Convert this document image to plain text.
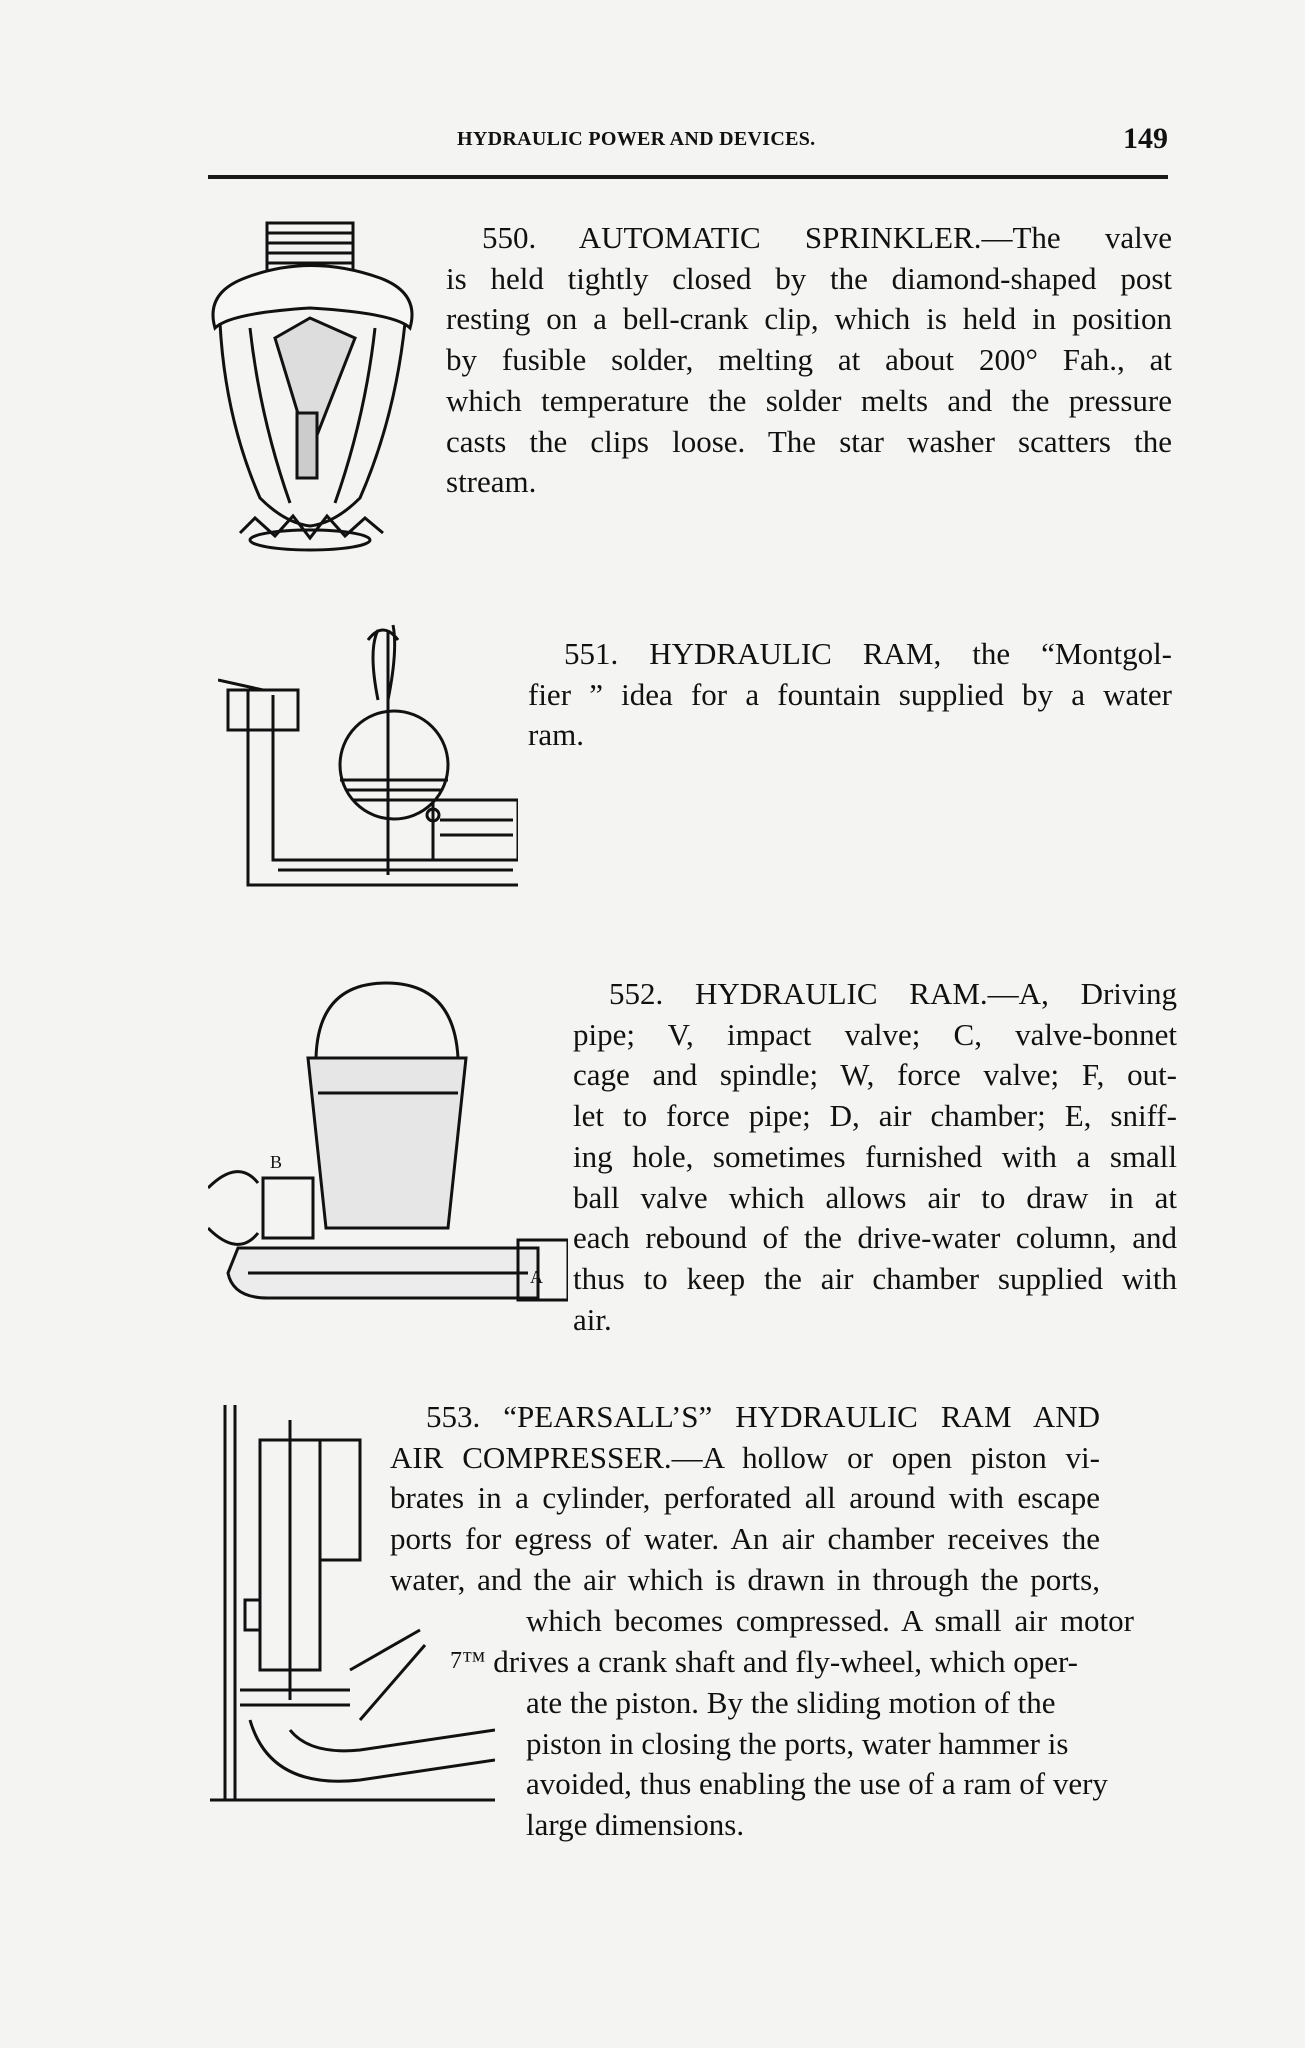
HYDRAULIC POWER AND DEVICES.	149
550. AUTOMATIC SPRINKLER.—The valve
is held tightly closed by the diamond-shaped post
resting on a bell-crank clip, which is held in position
by fusible solder, melting at about 200° Fah., at
which temperature the solder melts and the pressure
casts the clips loose. The star washer scatters the
stream.
551. HYDRAULIC RAM, the “Montgol-
fier ” idea for a fountain supplied by a water
ram.
B
A
552. HYDRAULIC RAM.—A, Driving
pipe; V, impact valve; C, valve-bonnet
cage and spindle; W, force valve; F, out-
let to force pipe; D, air chamber; E, sniff-
ing hole, sometimes furnished with a small
ball valve which allows air to draw in at
each rebound of the drive-water column, and
thus to keep the air chamber supplied with
air.
553. “PEARSALL’S” HYDRAULIC RAM AND
AIR COMPRESSER.—A hollow or open piston vi-
brates in a cylinder, perforated all around with escape
ports for egress of water. An air chamber receives the
water, and the air which is drawn in through the ports,
which becomes compressed. A small air motor
7™ drives a crank shaft and fly-wheel, which oper-
ate the piston. By the sliding motion of the
piston in closing the ports, water hammer is
avoided, thus enabling the use of a ram of very
large dimensions.
